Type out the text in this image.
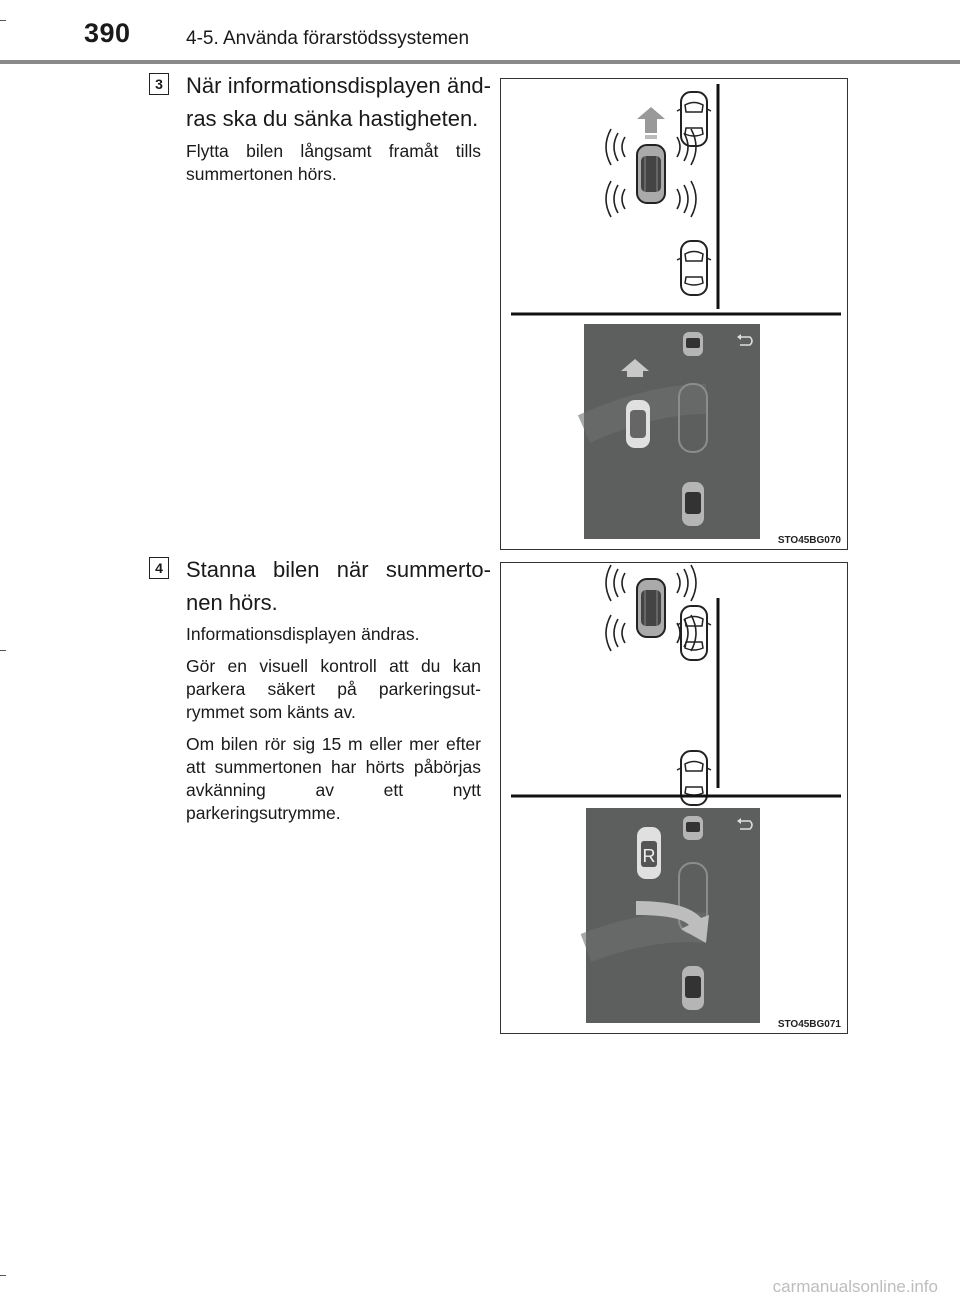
390	4-5. Använda förarstödssystemen
3 När informationsdisplayen änd-ras ska du sänka hastigheten.

Flytta bilen långsamt framåt tills summertonen hörs.

STO45BG070
4 Stanna bilen när summerto-nen hörs.

Informationsdisplayen ändras.

Gör en visuell kontroll att du kan parkera säkert på parkeringsut-rymmet som känts av.

Om bilen rör sig 15 m eller mer efter att summertonen har hörts påbörjas avkänning av ett nytt parkeringsutrymme.

R
STO45BG071
carmanualsonline.info
